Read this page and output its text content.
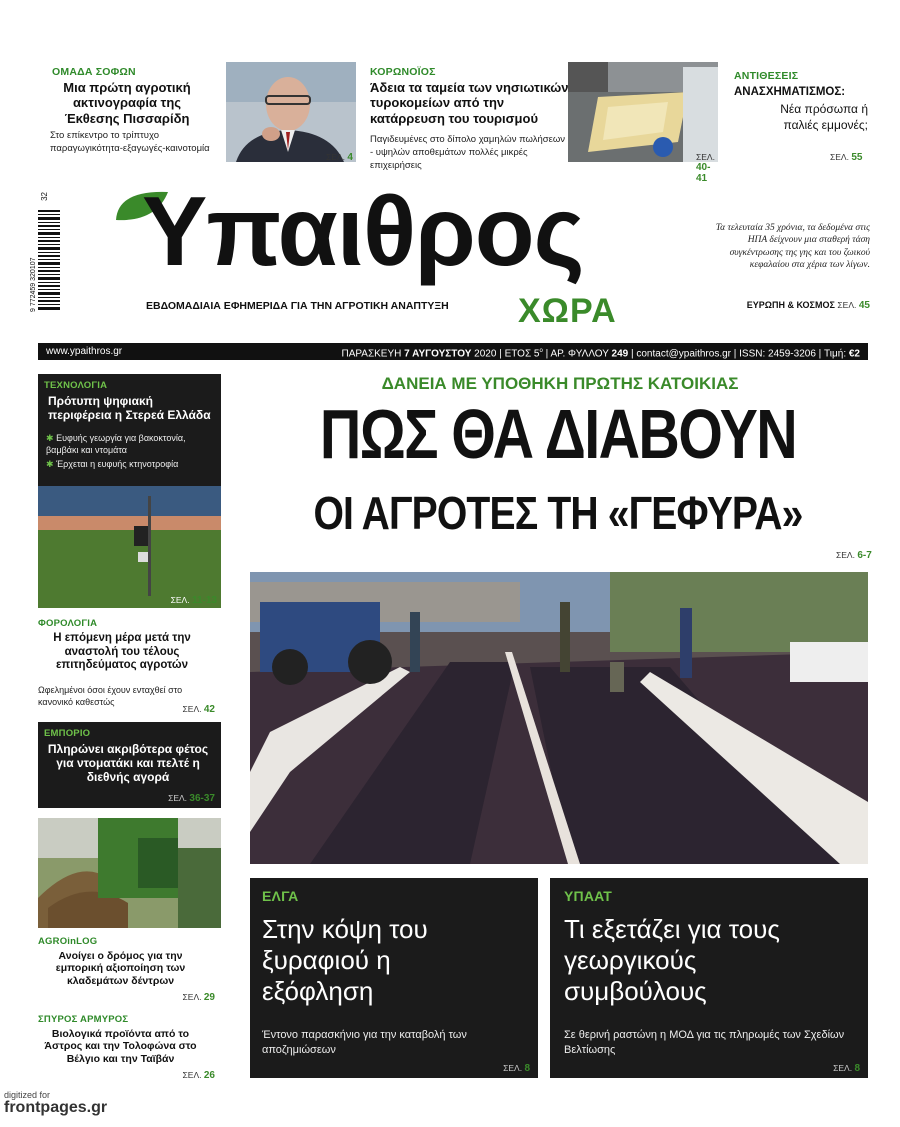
ΟΜΑΔΑ ΣΟΦΩΝ
Μια πρώτη αγροτική ακτινογραφία της Έκθεσης Πισσαρίδη
Στο επίκεντρο το τρίπτυχο παραγωγικότητα-εξαγωγές-καινοτομία
ΣΕΛ. 4
ΚΟΡΩΝΟΪΟΣ
Άδεια τα ταμεία των νησιωτικών τυροκομείων από την κατάρρευση του τουρισμού
Παγιδευμένες στο δίπολο χαμηλών πωλήσεων - υψηλών αποθεμάτων πολλές μικρές επιχειρήσεις
ΣΕΛ. 40-41
ΑΝΤΙΘΕΣΕΙΣ
ΑΝΑΣΧΗΜΑΤΙΣΜΟΣ:
Νέα πρόσωπα ή παλιές εμμονές;
ΣΕΛ. 55
32
9 772459 320107 Υπαιθρος
ΧΩΡΑ
ΕΒΔΟΜΑΔΙΑΙΑ ΕΦΗΜΕΡΙΔΑ ΓΙΑ ΤΗΝ ΑΓΡΟΤΙΚΗ ΑΝΑΠΤΥΞΗ
Τα τελευταία 35 χρόνια, τα δεδομένα στις ΗΠΑ δείχνουν μια σταθερή τάση συγκέντρωσης της γης και του ζωικού κεφαλαίου στα χέρια των λίγων.
ΕΥΡΩΠΗ & ΚΟΣΜΟΣ ΣΕΛ. 45
www.ypaithros.gr	ΠΑΡΑΣΚΕΥΗ 7 ΑΥΓΟΥΣΤΟΥ 2020 | ΕΤΟΣ $5^o$ | ΑΡ. ΦΥΛΛΟΥ 249 | contact@ypaithros.gr | ISSN: 2459-3206 | Τιμή: €2
ΔΑΝΕΙΑ ΜΕ ΥΠΟΘΗΚΗ ΠΡΩΤΗΣ ΚΑΤΟΙΚΙΑΣ
ΠΩΣ ΘΑ ΔΙΑΒΟΥΝ
ΟΙ ΑΓΡΟΤΕΣ ΤΗ «ΓΕΦΥΡΑ»
ΣΕΛ. 6-7
ΤΕΧΝΟΛΟΓΙΑ
Πρότυπη ψηφιακή περιφέρεια η Στερεά Ελλάδα
✱ Ευφυής γεωργία για βακοκτονία, βαμβάκι και ντομάτα
✱ Έρχεται η ευφυής κτηνοτροφία
ΣΕΛ. 11-13
ΦΟΡΟΛΟΓΙΑ
Η επόμενη μέρα μετά την αναστολή του τέλους επιτηδεύματος αγροτών
Ωφελημένοι όσοι έχουν ενταχθεί στο κανονικό καθεστώς
ΣΕΛ. 42
ΕΜΠΟΡΙΟ
Πληρώνει ακριβότερα φέτος για ντοματάκι και πελτέ η διεθνής αγορά
ΣΕΛ. 36-37
AGROinLOG
Ανοίγει ο δρόμος για την εμπορική αξιοποίηση των κλαδεμάτων δέντρων
ΣΕΛ. 29
ΣΠΥΡΟΣ ΑΡΜΥΡΟΣ
Βιολογικά προϊόντα από το Άστρος και την Τολοφώνα στο Βέλγιο και την Ταϊβάν
ΣΕΛ. 26
ΕΛΓΑ
Στην κόψη του ξυραφιού η εξόφληση
Έντονο παρασκήνιο για την καταβολή των αποζημιώσεων
ΣΕΛ. 8
ΥΠΑΑΤ
Τι εξετάζει για τους γεωργικούς συμβούλους
Σε θερινή ραστώνη η ΜΟΔ για τις πληρωμές των Σχεδίων Βελτίωσης
ΣΕΛ. 8
digitized for
frontpages.gr
